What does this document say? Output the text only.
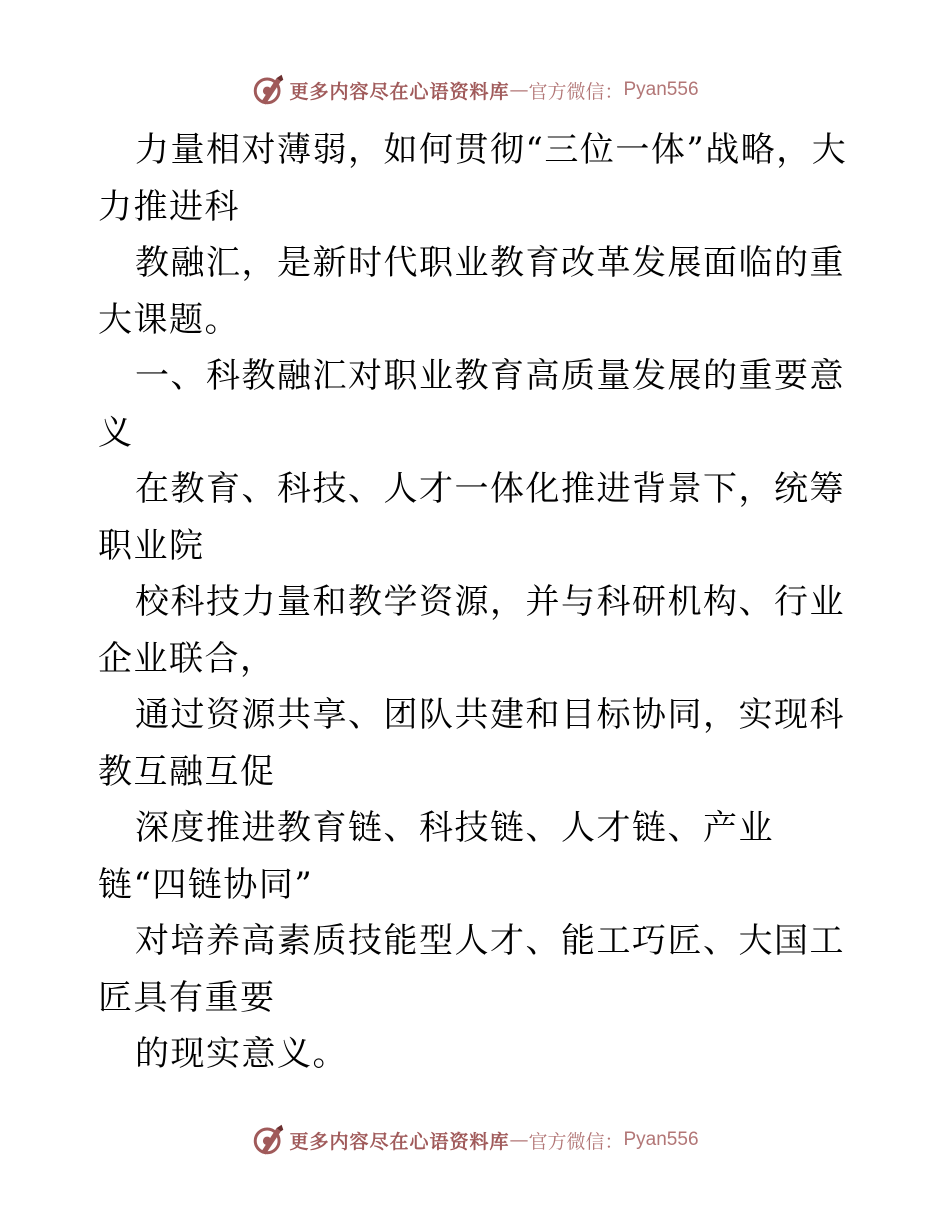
更多内容尽在心语资料库 — 官方微信： Pyan556

力量相对薄弱，如何贯彻“三位一体”战略，大力推进科

教融汇，是新时代职业教育改革发展面临的重大课题。

一、科教融汇对职业教育高质量发展的重要意义

在教育、科技、人才一体化推进背景下，统筹职业院

校科技力量和教学资源，并与科研机构、行业企业联合，

通过资源共享、团队共建和目标协同，实现科教互融互促

深度推进教育链、科技链、人才链、产业链“四链协同”

对培养高素质技能型人才、能工巧匠、大国工匠具有重要

的现实意义。

更多内容尽在心语资料库 — 官方微信： Pyan556
